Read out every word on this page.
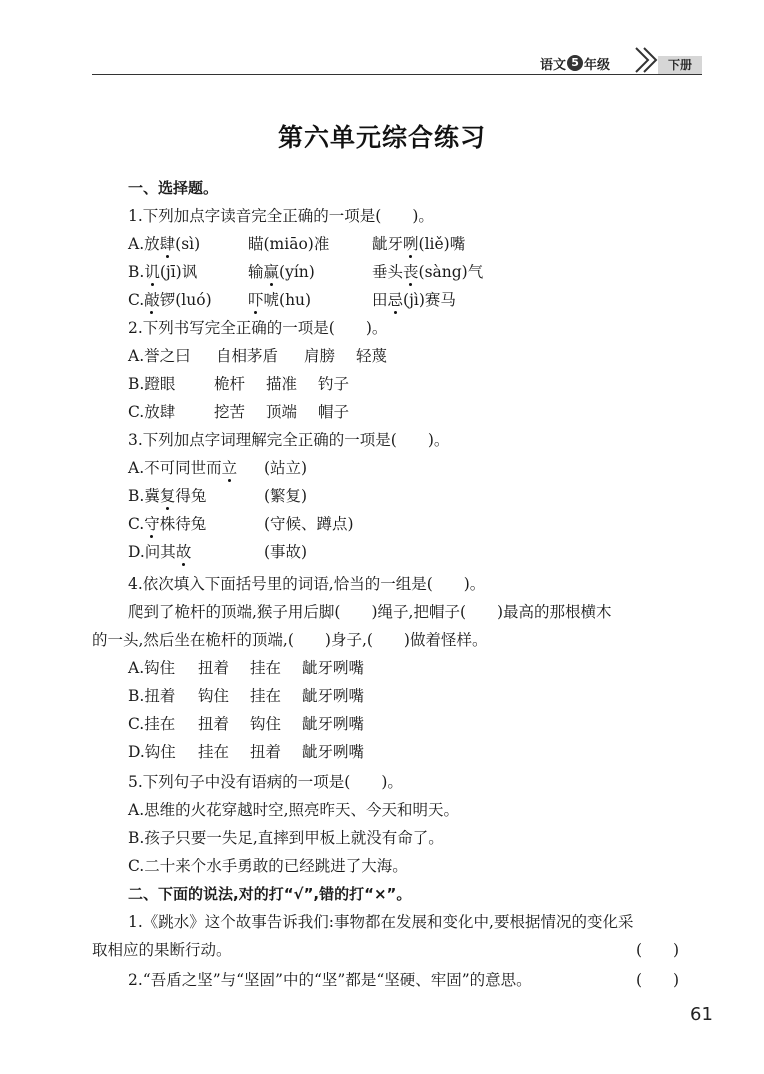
语文 5 年级	下册
第六单元综合练习
一、选择题。
1.下列加点字读音完全正确的一项是(　　)。
A.放肆(sì)	瞄(miāo)准	龇牙咧(liě)嘴
B.讥(jī)讽	输赢(yín)	垂头丧(sàng)气
C.敲锣(luó) 吓唬(hu)	田忌(jì)赛马
2.下列书写完全正确的一项是(　　)。
A.誉之曰 自相茅盾 肩膀 轻蔑
B.蹬眼 桅杆 描准 钓子
C.放肆	挖苦 顶端 帽子
3.下列加点字词理解完全正确的一项是(　　)。
A.不可同世而立 (站立)
B.冀复得兔	(繁复)
C.守株待兔	(守候、蹲点)
D.问其故	(事故)
4.依次填入下面括号里的词语,恰当的一组是(　　)。
爬到了桅杆的顶端,猴子用后脚(　　)绳子,把帽子(　　)最高的那根横木
的一头,然后坐在桅杆的顶端,(　　)身子,(　　)做着怪样。
A.钩住 扭着 挂在 龇牙咧嘴
B.扭着 钩住 挂在 龇牙咧嘴
C.挂在 扭着 钩住 龇牙咧嘴
D.钩住 挂在 扭着 龇牙咧嘴
5.下列句子中没有语病的一项是(　　)。
A.思维的火花穿越时空,照亮昨天、今天和明天。
B.孩子只要一失足,直摔到甲板上就没有命了。
C.二十来个水手勇敢的已经跳进了大海。
二、下面的说法,对的打“√”,错的打“×”。
1.《跳水》这个故事告诉我们:事物都在发展和变化中,要根据情况的变化采
取相应的果断行动。	(　　)
2.“吾盾之坚”与“坚固”中的“坚”都是“坚硬、牢固”的意思。	(　　)
61
